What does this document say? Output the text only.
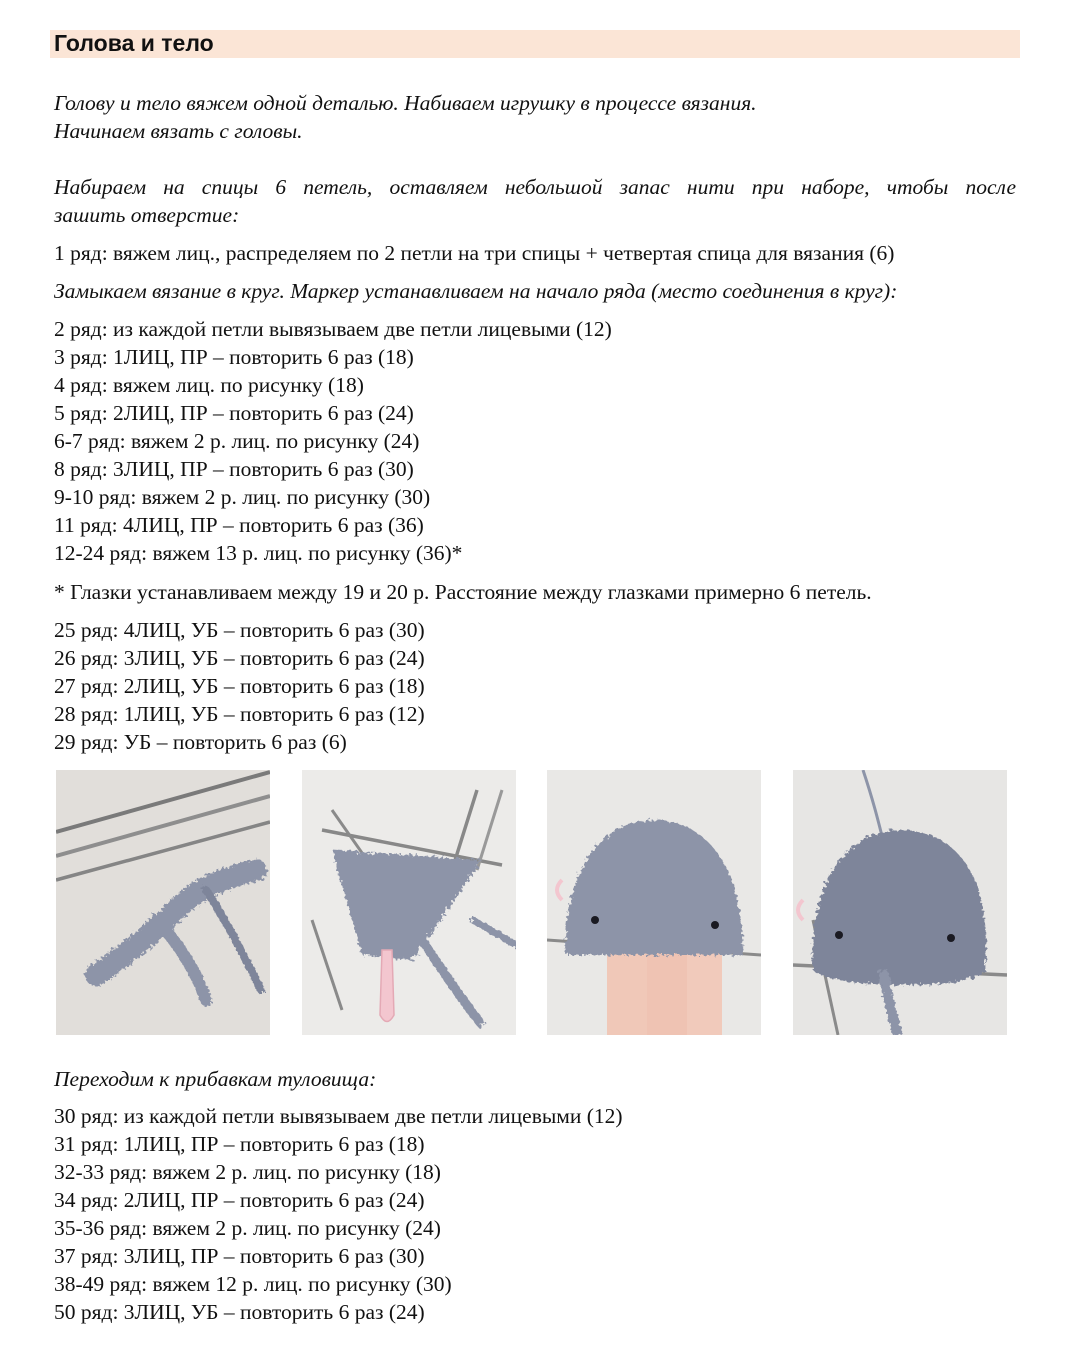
Голова и тело
Голову и тело вяжем одной деталью. Набиваем игрушку в процессе вязания.
Начинаем вязать с головы.
Набираем на спицы 6 петель, оставляем небольшой запас нити при наборе, чтобы после
зашить отверстие:
1 ряд: вяжем лиц., распределяем по 2 петли на три спицы + четвертая спица для вязания (6)
Замыкаем вязание в круг. Маркер устанавливаем на начало ряда (место соединения в круг):
2 ряд: из каждой петли вывязываем две петли лицевыми (12)
3 ряд: 1ЛИЦ, ПР – повторить 6 раз (18)
4 ряд: вяжем лиц. по рисунку (18)
5 ряд: 2ЛИЦ, ПР – повторить 6 раз (24)
6-7 ряд: вяжем 2 р. лиц. по рисунку (24)
8 ряд: 3ЛИЦ, ПР – повторить 6 раз (30)
9-10 ряд: вяжем 2 р. лиц. по рисунку (30)
11 ряд: 4ЛИЦ, ПР – повторить 6 раз (36)
12-24 ряд: вяжем 13 р. лиц. по рисунку (36)*
* Глазки устанавливаем между 19 и 20 р. Расстояние между глазками примерно 6 петель.
25 ряд: 4ЛИЦ, УБ – повторить 6 раз (30)
26 ряд: 3ЛИЦ, УБ – повторить 6 раз (24)
27 ряд: 2ЛИЦ, УБ – повторить 6 раз (18)
28 ряд: 1ЛИЦ, УБ – повторить 6 раз (12)
29 ряд: УБ – повторить 6 раз (6)
Переходим к прибавкам туловища:
30 ряд: из каждой петли вывязываем две петли лицевыми (12)
31 ряд: 1ЛИЦ, ПР – повторить 6 раз (18)
32-33 ряд: вяжем 2 р. лиц. по рисунку (18)
34 ряд: 2ЛИЦ, ПР – повторить 6 раз (24)
35-36 ряд: вяжем 2 р. лиц. по рисунку (24)
37 ряд: 3ЛИЦ, ПР – повторить 6 раз (30)
38-49 ряд: вяжем 12 р. лиц. по рисунку (30)
50 ряд: 3ЛИЦ, УБ – повторить 6 раз (24)
